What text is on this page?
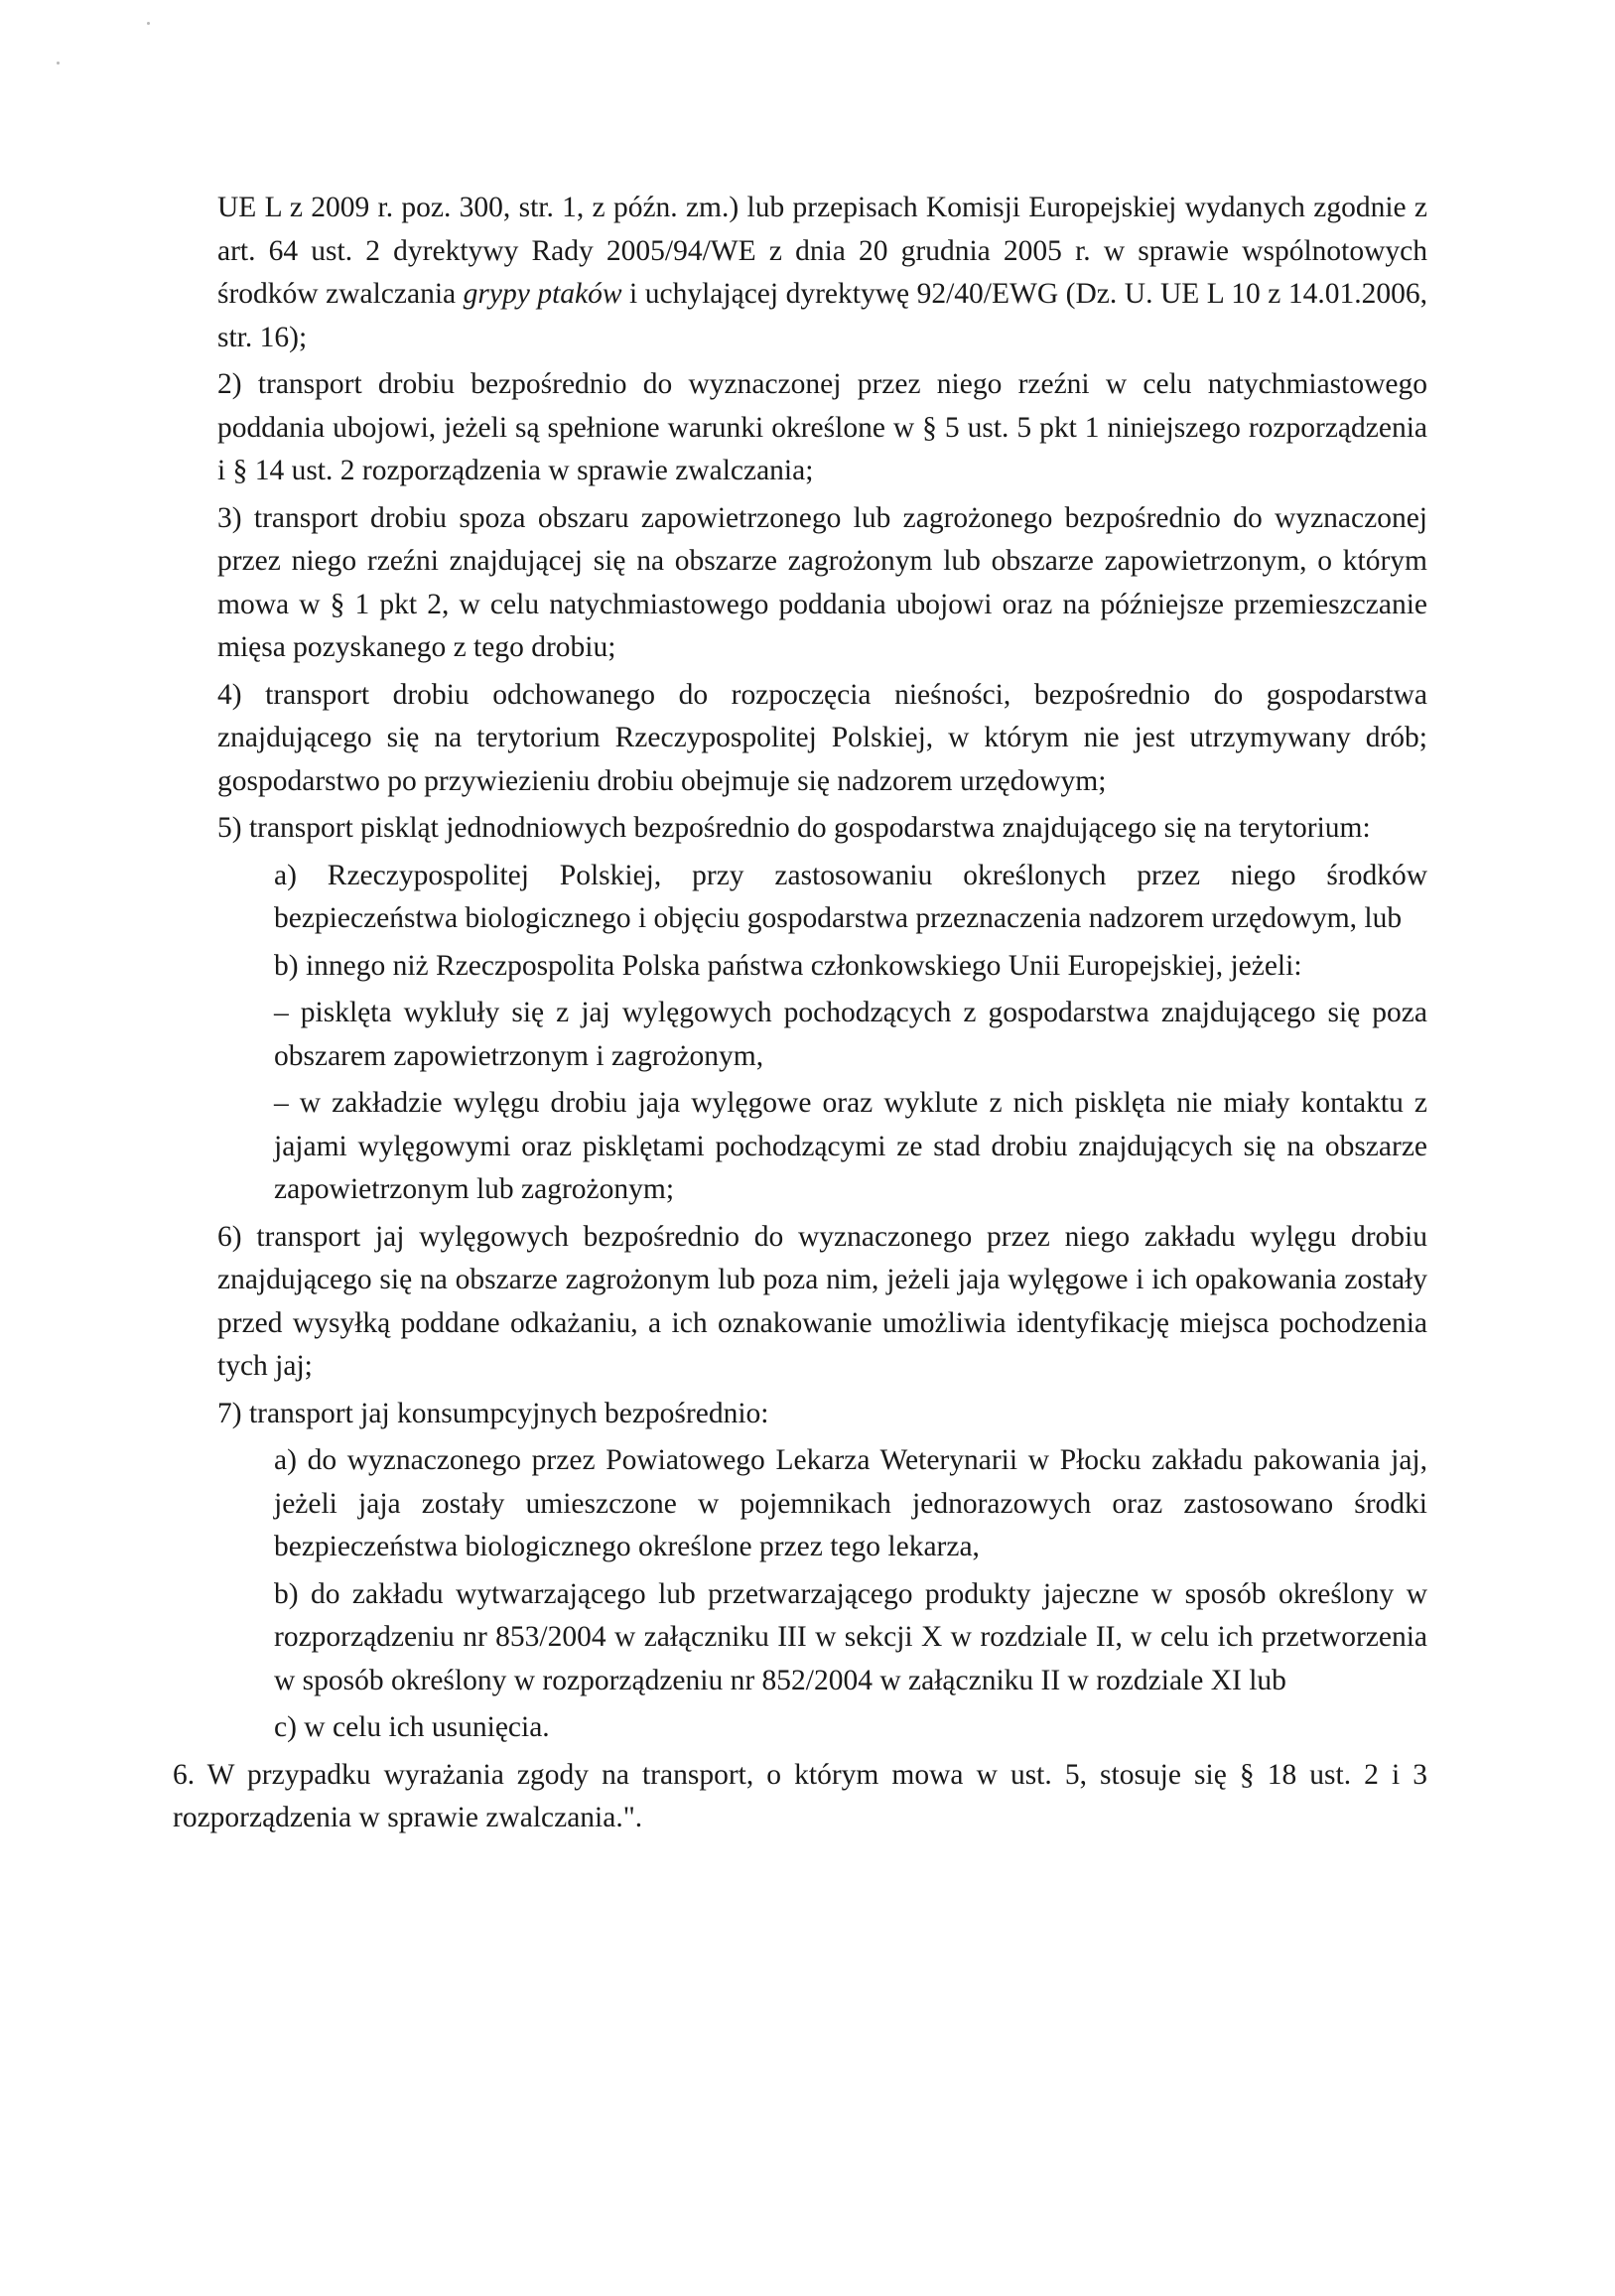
UE L z 2009 r. poz. 300, str. 1, z późn. zm.) lub przepisach Komisji Europejskiej wydanych zgodnie z art. 64 ust. 2 dyrektywy Rady 2005/94/WE z dnia 20 grudnia 2005 r. w sprawie wspólnotowych środków zwalczania grypy ptaków i uchylającej dyrektywę 92/40/EWG (Dz. U. UE L 10 z 14.01.2006, str. 16);

2) transport drobiu bezpośrednio do wyznaczonej przez niego rzeźni w celu natychmiastowego poddania ubojowi, jeżeli są spełnione warunki określone w § 5 ust. 5 pkt 1 niniejszego rozporządzenia i § 14 ust. 2 rozporządzenia w sprawie zwalczania;

3) transport drobiu spoza obszaru zapowietrzonego lub zagrożonego bezpośrednio do wyznaczonej przez niego rzeźni znajdującej się na obszarze zagrożonym lub obszarze zapowietrzonym, o którym mowa w § 1 pkt 2, w celu natychmiastowego poddania ubojowi oraz na późniejsze przemieszczanie mięsa pozyskanego z tego drobiu;

4) transport drobiu odchowanego do rozpoczęcia nieśności, bezpośrednio do gospodarstwa znajdującego się na terytorium Rzeczypospolitej Polskiej, w którym nie jest utrzymywany drób; gospodarstwo po przywiezieniu drobiu obejmuje się nadzorem urzędowym;

5) transport piskląt jednodniowych bezpośrednio do gospodarstwa znajdującego się na terytorium:

a) Rzeczypospolitej Polskiej, przy zastosowaniu określonych przez niego środków bezpieczeństwa biologicznego i objęciu gospodarstwa przeznaczenia nadzorem urzędowym, lub

b) innego niż Rzeczpospolita Polska państwa członkowskiego Unii Europejskiej, jeżeli:

– pisklęta wykluły się z jaj wylęgowych pochodzących z gospodarstwa znajdującego się poza obszarem zapowietrzonym i zagrożonym,

– w zakładzie wylęgu drobiu jaja wylęgowe oraz wyklute z nich pisklęta nie miały kontaktu z jajami wylęgowymi oraz pisklętami pochodzącymi ze stad drobiu znajdujących się na obszarze zapowietrzonym lub zagrożonym;

6) transport jaj wylęgowych bezpośrednio do wyznaczonego przez niego zakładu wylęgu drobiu znajdującego się na obszarze zagrożonym lub poza nim, jeżeli jaja wylęgowe i ich opakowania zostały przed wysyłką poddane odkażaniu, a ich oznakowanie umożliwia identyfikację miejsca pochodzenia tych jaj;

7) transport jaj konsumpcyjnych bezpośrednio:

a) do wyznaczonego przez Powiatowego Lekarza Weterynarii w Płocku zakładu pakowania jaj, jeżeli jaja zostały umieszczone w pojemnikach jednorazowych oraz zastosowano środki bezpieczeństwa biologicznego określone przez tego lekarza,

b) do zakładu wytwarzającego lub przetwarzającego produkty jajeczne w sposób określony w rozporządzeniu nr 853/2004 w załączniku III w sekcji X w rozdziale II, w celu ich przetworzenia w sposób określony w rozporządzeniu nr 852/2004 w załączniku II w rozdziale XI lub

c) w celu ich usunięcia.

6. W przypadku wyrażania zgody na transport, o którym mowa w ust. 5, stosuje się § 18 ust. 2 i 3 rozporządzenia w sprawie zwalczania.".
